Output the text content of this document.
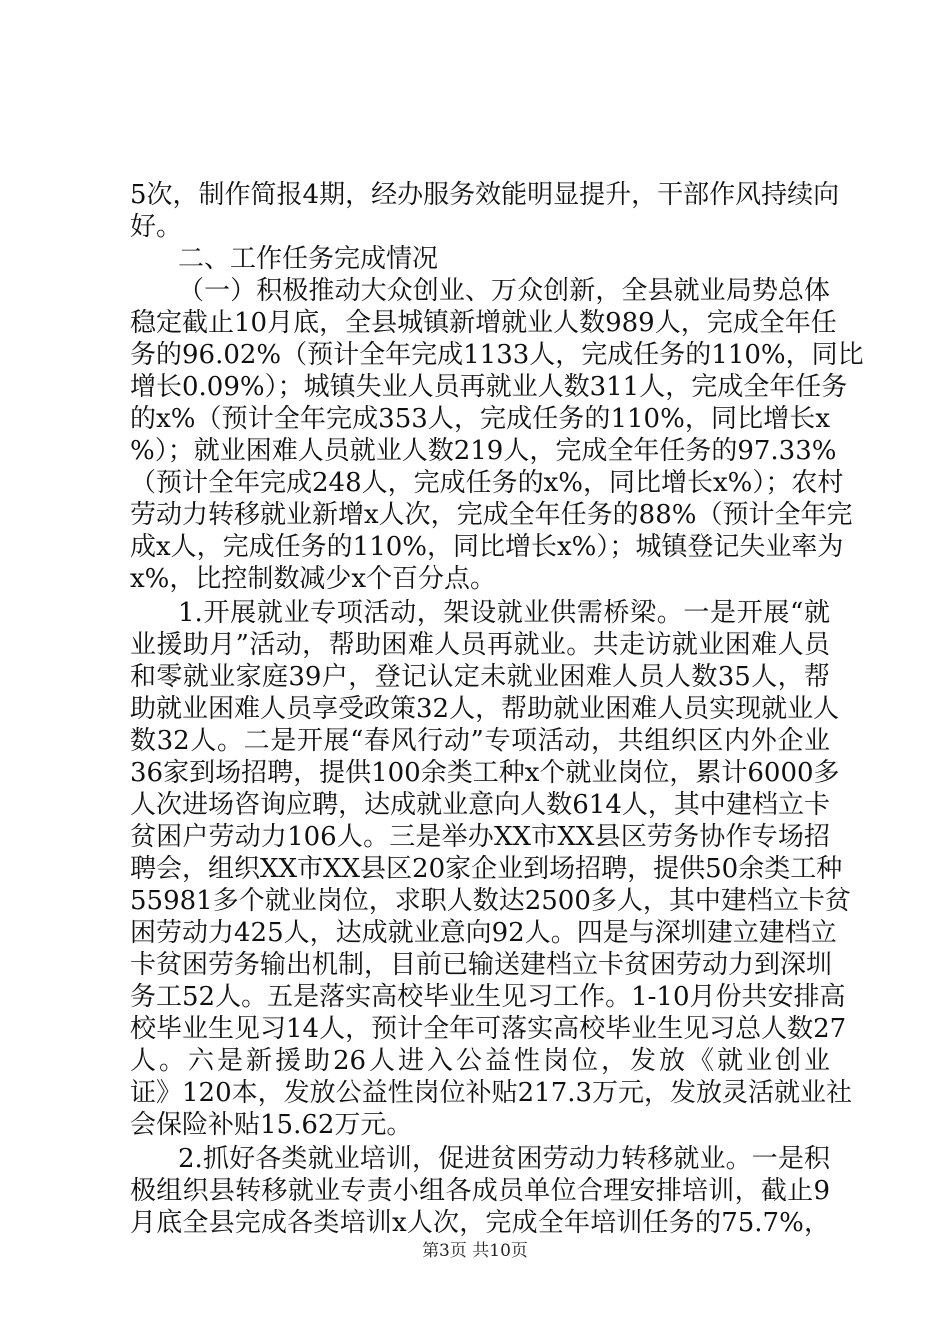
5次，制作简报4期，经办服务效能明显提升，干部作风持续向
好。
二、工作任务完成情况
（一）积极推动大众创业、万众创新，全县就业局势总体
稳定截止10月底，全县城镇新增就业人数989人，完成全年任
务的96.02%（预计全年完成1133人，完成任务的110%，同比
增长0.09%）；城镇失业人员再就业人数311人，完成全年任务
的x%（预计全年完成353人，完成任务的110%，同比增长x
%）；就业困难人员就业人数219人，完成全年任务的97.33%
（预计全年完成248人，完成任务的x%，同比增长x%）；农村
劳动力转移就业新增x人次，完成全年任务的88%（预计全年完
成x人，完成任务的110%，同比增长x%）；城镇登记失业率为
x%，比控制数减少x个百分点。
1.开展就业专项活动，架设就业供需桥梁。一是开展“就
业援助月”活动，帮助困难人员再就业。共走访就业困难人员
和零就业家庭39户，登记认定未就业困难人员人数35人，帮
助就业困难人员享受政策32人，帮助就业困难人员实现就业人
数32人。二是开展“春风行动”专项活动，共组织区内外企业
36家到场招聘，提供100余类工种x个就业岗位，累计6000多
人次进场咨询应聘，达成就业意向人数614人，其中建档立卡
贫困户劳动力106人。三是举办XX市XX县区劳务协作专场招
聘会，组织XX市XX县区20家企业到场招聘，提供50余类工种
55981多个就业岗位，求职人数达2500多人，其中建档立卡贫
困劳动力425人，达成就业意向92人。四是与深圳建立建档立
卡贫困劳务输出机制，目前已输送建档立卡贫困劳动力到深圳
务工52人。五是落实高校毕业生见习工作。1-10月份共安排高
校毕业生见习14人，预计全年可落实高校毕业生见习总人数27
人。六是新援助26人进入公益性岗位，发放《就业创业
证》120本，发放公益性岗位补贴217.3万元，发放灵活就业社
会保险补贴15.62万元。
2.抓好各类就业培训，促进贫困劳动力转移就业。一是积
极组织县转移就业专责小组各成员单位合理安排培训，截止9
月底全县完成各类培训x人次，完成全年培训任务的75.7%，
第3页 共10页
